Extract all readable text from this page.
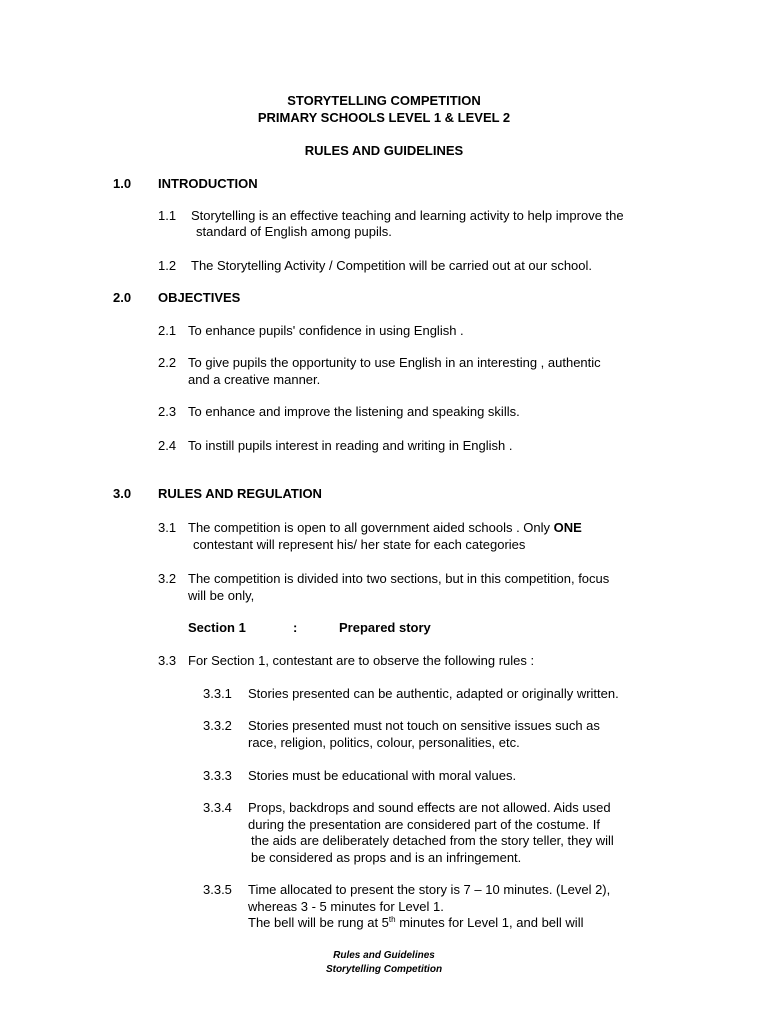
STORYTELLING COMPETITION
PRIMARY SCHOOLS LEVEL 1 & LEVEL 2
RULES AND GUIDELINES
1.0 INTRODUCTION
1.1 Storytelling is an effective teaching and learning activity to help improve the
standard of English among pupils.
1.2 The Storytelling Activity / Competition will be carried out at our school.
2.0 OBJECTIVES
2.1 To enhance pupils' confidence in using English .
2.2 To give pupils the opportunity to use English in an interesting , authentic
and a creative manner.
2.3 To enhance and improve the listening and speaking skills.
2.4 To instill pupils interest in reading and writing in English .
3.0 RULES AND REGULATION
3.1 The competition is open to all government aided schools . Only ONE
contestant will represent his/ her state for each categories
3.2 The competition is divided into two sections, but in this competition, focus
will be only,
Section 1	:	Prepared story
3.3 For Section 1, contestant are to observe the following rules :
3.3.1 Stories presented can be authentic, adapted or originally written.
3.3.2 Stories presented must not touch on sensitive issues such as
race, religion, politics, colour, personalities, etc.
3.3.3 Stories must be educational with moral values.
3.3.4 Props, backdrops and sound effects are not allowed. Aids used
during the presentation are considered part of the costume. If
the aids are deliberately detached from the story teller, they will
be considered as props and is an infringement.
3.3.5 Time allocated to present the story is 7 – 10 minutes. (Level 2),
whereas 3 - 5 minutes for Level 1.
The bell will be rung at 5th minutes for Level 1, and bell will
Rules and Guidelines
Storytelling Competition
